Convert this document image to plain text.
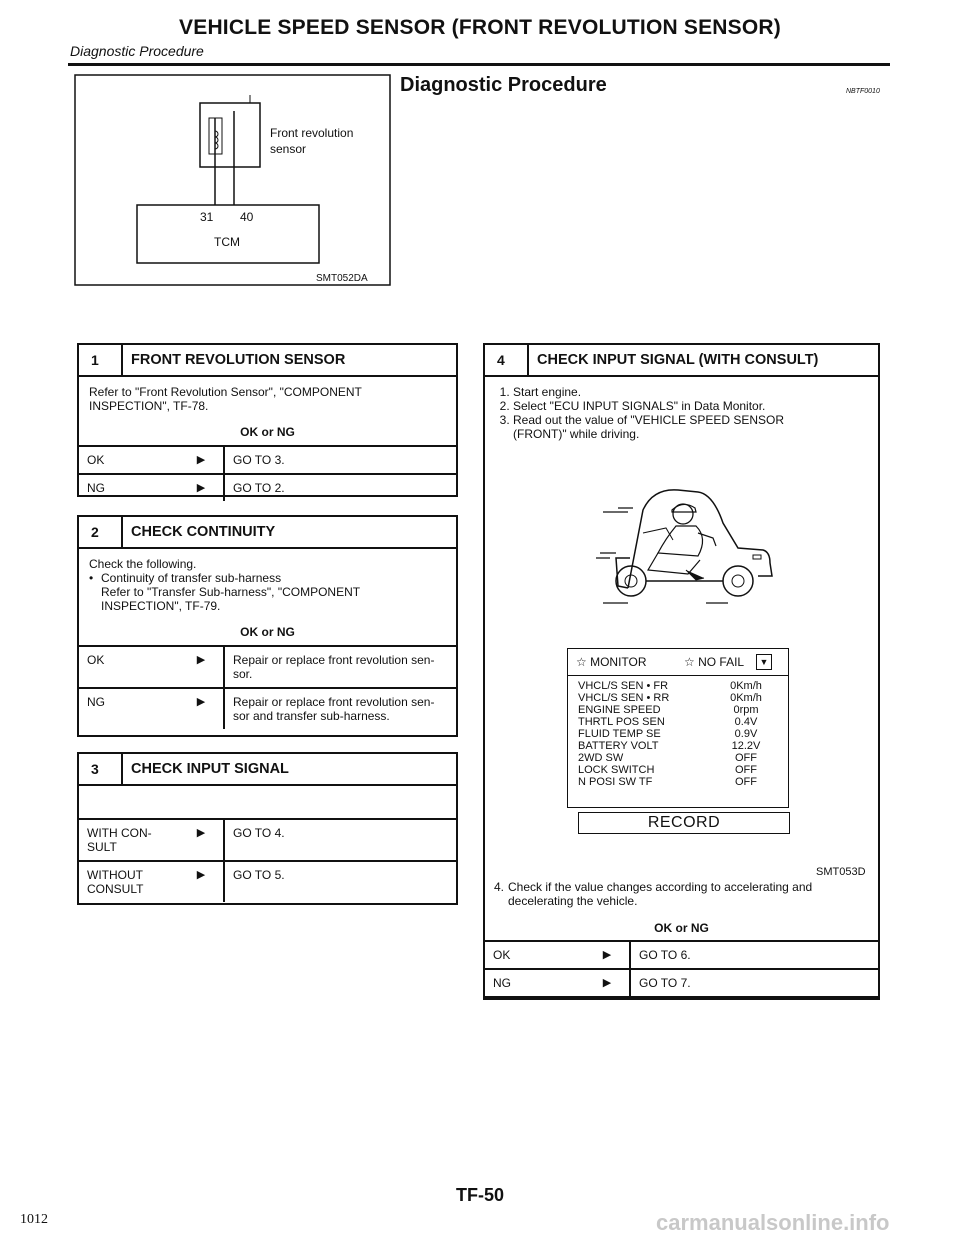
VEHICLE SPEED SENSOR (FRONT REVOLUTION SENSOR)
Diagnostic Procedure
Diagnostic Procedure	NBTF0010
Front revolution
sensor
31 40
TCM
SMT052DA
1	FRONT REVOLUTION SENSOR
Refer to "Front Revolution Sensor", "COMPONENT
INSPECTION", TF-78.
OK or NG
OK	▶	GO TO 3.
NG	▶	GO TO 2.
2	CHECK CONTINUITY
Check the following.
• Continuity of transfer sub-harness
Refer to "Transfer Sub-harness", "COMPONENT
INSPECTION", TF-79.
OK or NG
OK	▶	Repair or replace front revolution sen-
sor.
NG	▶	Repair or replace front revolution sen-
sor and transfer sub-harness.
3	CHECK INPUT SIGNAL
WITH CON-
SULT
▶	GO TO 4.
WITHOUT
CONSULT
▶	GO TO 5.
4	CHECK INPUT SIGNAL (WITH CONSULT)
1. Start engine.
2. Select "ECU INPUT SIGNALS" in Data Monitor.
3. Read out the value of "VEHICLE SPEED SENSOR (FRONT)" while driving.
☆ MONITOR	☆ NO FAIL	▼
VHCL/S SEN • FR	0Km/h
VHCL/S SEN • RR	0Km/h
ENGINE SPEED	0rpm
THRTL POS SEN	0.4V
FLUID TEMP SE	0.9V
BATTERY VOLT	12.2V
2WD SW	OFF
LOCK SWITCH	OFF
N POSI SW TF	OFF
RECORD
SMT053D
4. Check if the value changes according to accelerating and
decelerating the vehicle.
OK or NG
OK	▶	GO TO 6.
NG	▶	GO TO 7.
TF-50
1012	carmanualsonline.info
